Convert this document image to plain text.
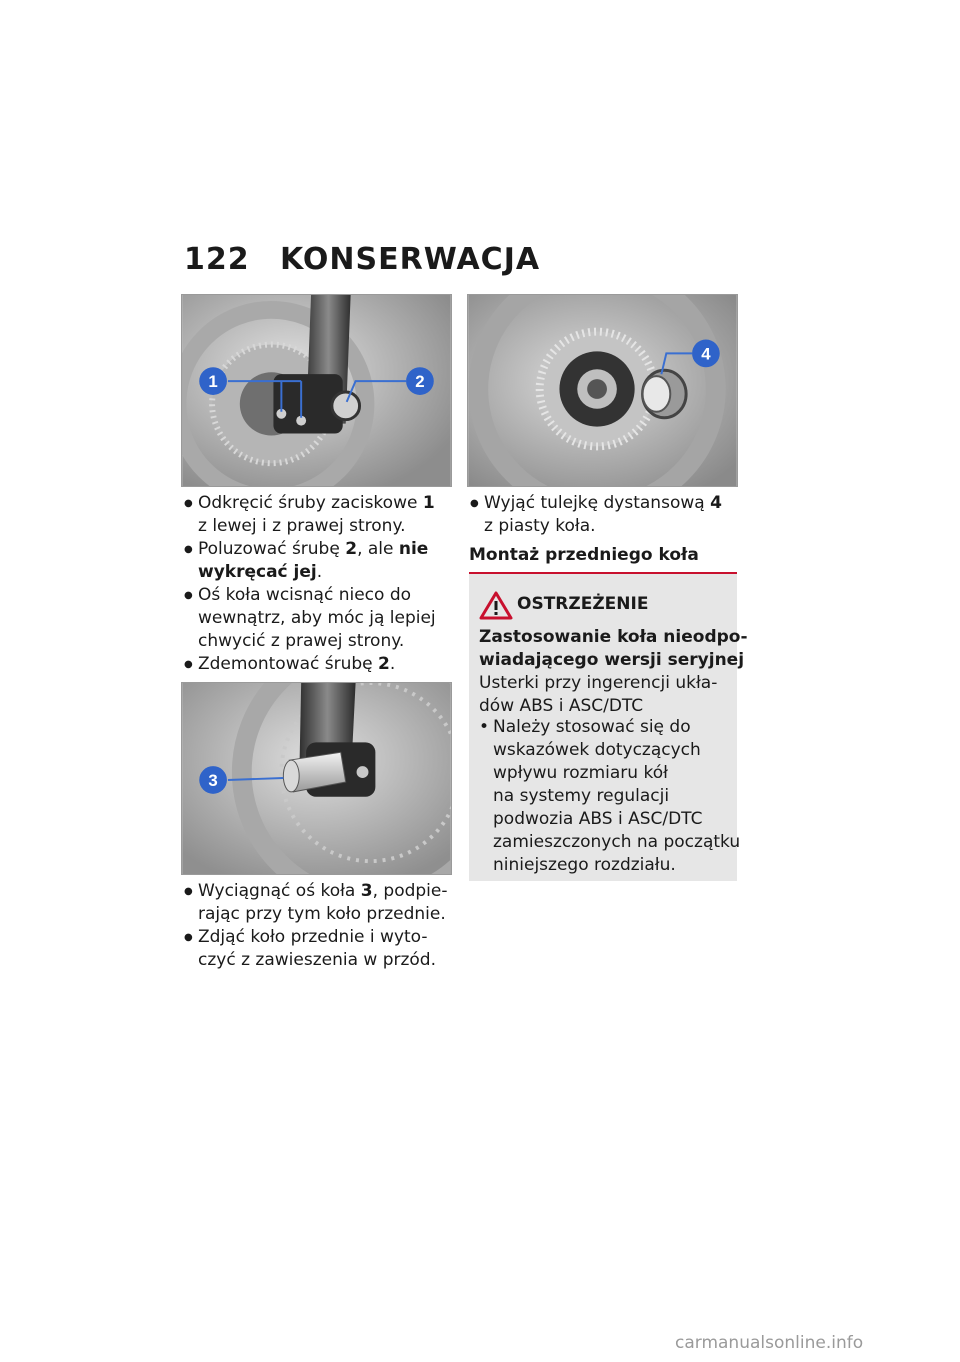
122 KONSERWACJA
1	2
4
3
● Odkręcić śruby zaciskowe 1
z lewej i z prawej strony.
● Poluzować śrubę 2, ale nie
wykręcać jej.
● Oś koła wcisnąć nieco do
wewnątrz, aby móc ją lepiej
chwycić z prawej strony.
● Zdemontować śrubę 2.
● Wyciągnąć oś koła 3, podpie-
rając przy tym koło przednie.
● Zdjąć koło przednie i wyto-
czyć z zawieszenia w przód.
● Wyjąć tulejkę dystansową 4
z piasty koła.
Montaż przedniego koła
OSTRZEŻENIE
Zastosowanie koła nieodpo-
wiadającego wersji seryjnej
Usterki przy ingerencji ukła-
dów ABS i ASC/DTC
• Należy stosować się do
wskazówek dotyczących
wpływu rozmiaru kół
na systemy regulacji
podwozia ABS i ASC/DTC
zamieszczonych na początku
niniejszego rozdziału.
carmanualsonline.info
